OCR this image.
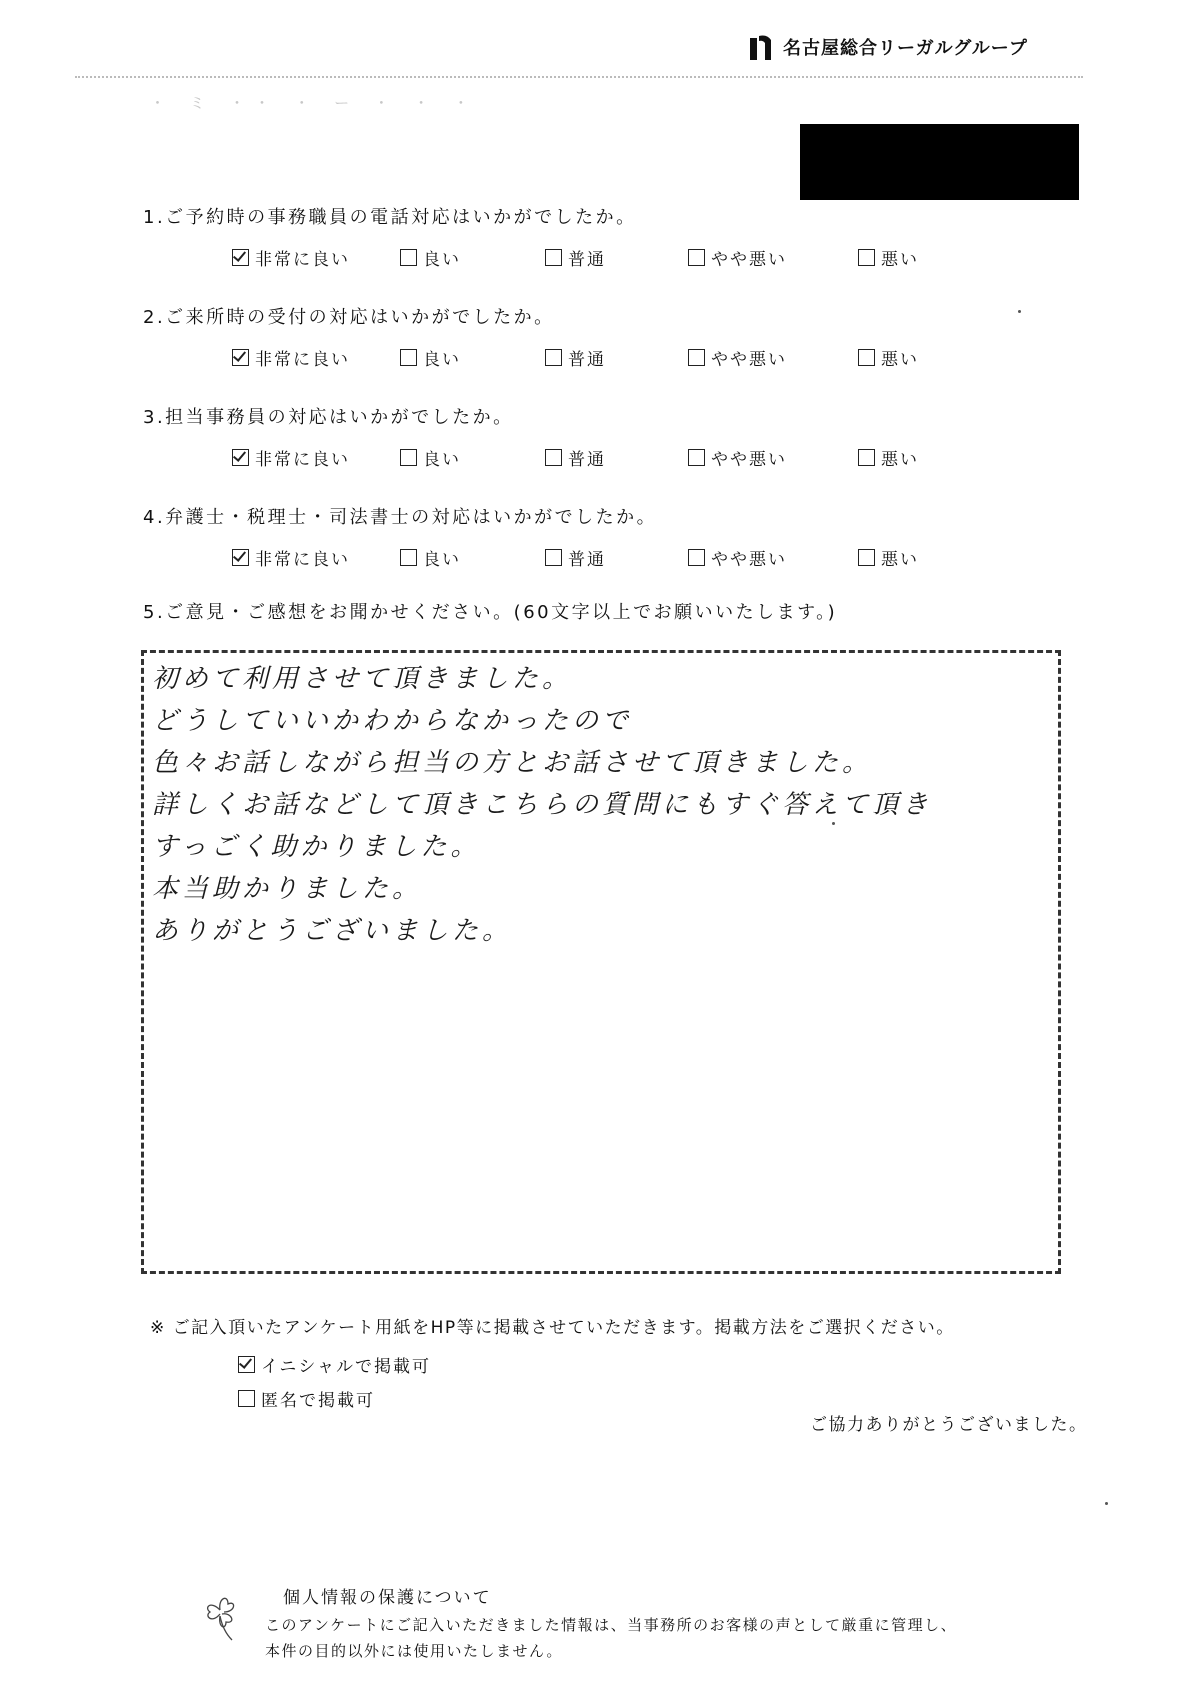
名古屋総合リーガルグループ
・ ミ ・・ ・ ー ・ ・ ・
1.ご予約時の事務職員の電話対応はいかがでしたか。
非常に良い	良い	普通	やや悪い	悪い
2.ご来所時の受付の対応はいかがでしたか。
非常に良い	良い	普通	やや悪い	悪い
3.担当事務員の対応はいかがでしたか。
非常に良い	良い	普通	やや悪い	悪い
4.弁護士・税理士・司法書士の対応はいかがでしたか。
非常に良い	良い	普通	やや悪い	悪い
5.ご意見・ご感想をお聞かせください。(60文字以上でお願いいたします。)
初めて利用させて頂きました。
どうしていいかわからなかったので
色々お話しながら担当の方とお話させて頂きました。
詳しくお話などして頂きこちらの質問にもすぐ答えて頂き
すっごく助かりました。
本当助かりました。
ありがとうございました。
※ ご記入頂いたアンケート用紙をHP等に掲載させていただきます。掲載方法をご選択ください。
イニシャルで掲載可
匿名で掲載可
ご協力ありがとうございました。
個人情報の保護について
このアンケートにご記入いただきました情報は、当事務所のお客様の声として厳重に管理し、
本件の目的以外には使用いたしません。
